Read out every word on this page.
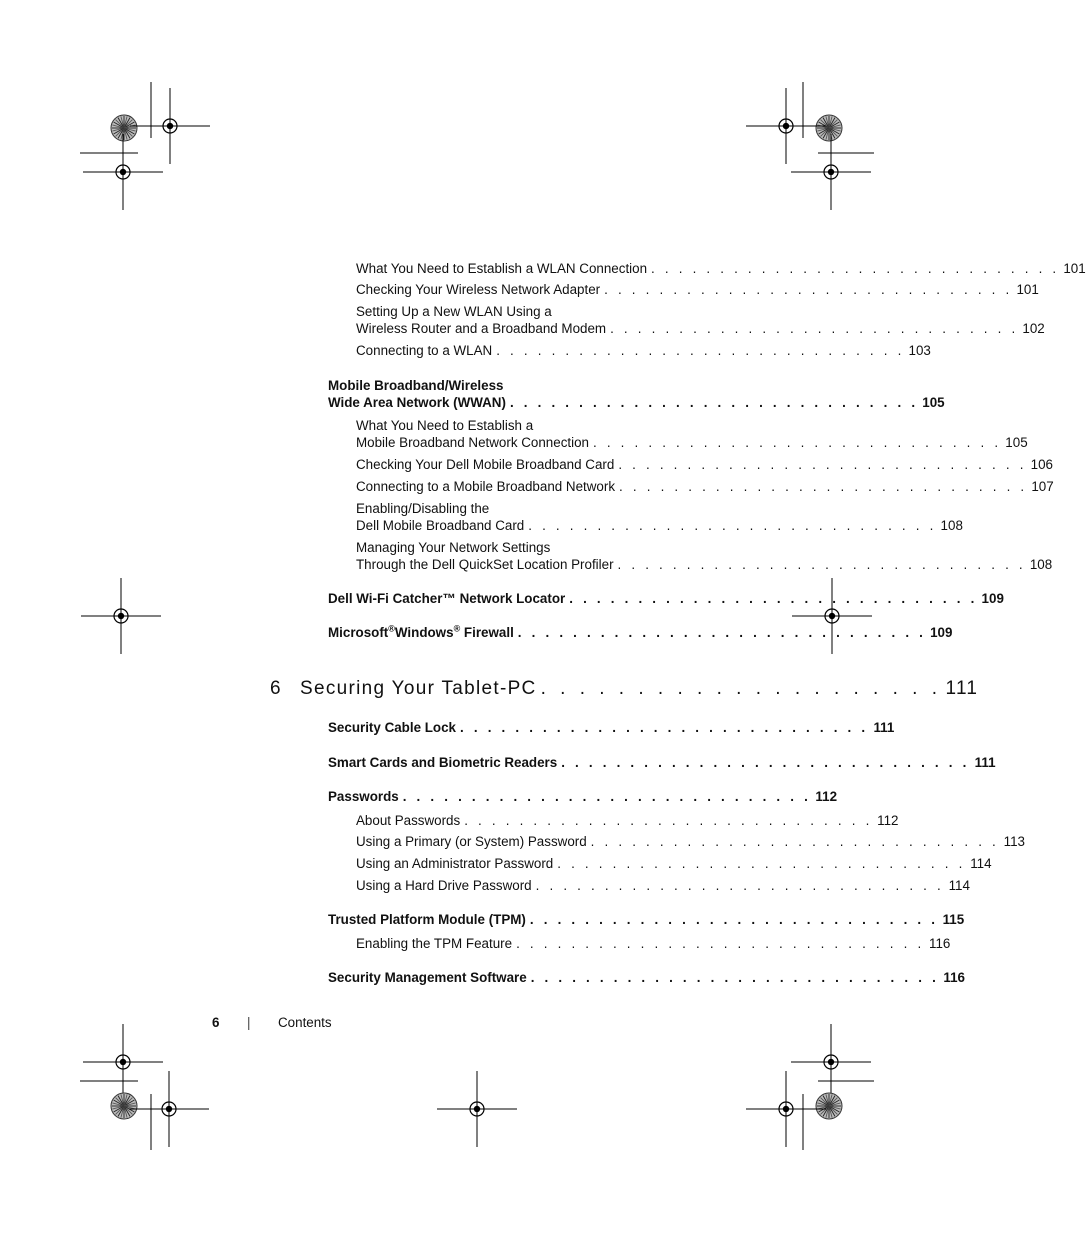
What You Need to Establish a WLAN Connection . . . . . . . . . . . . . . . . . . . . . . . . . . . . . . 101
Checking Your Wireless Network Adapter . . . . . . . . . . . . . . . . . . . . . . . . . . . . . . 101
Setting Up a New WLAN Using a
Wireless Router and a Broadband Modem . . . . . . . . . . . . . . . . . . . . . . . . . . . . . . 102
Connecting to a WLAN . . . . . . . . . . . . . . . . . . . . . . . . . . . . . . 103
Mobile Broadband/Wireless
Wide Area Network (WWAN) . . . . . . . . . . . . . . . . . . . . . . . . . . . . . . 105
What You Need to Establish a
Mobile Broadband Network Connection . . . . . . . . . . . . . . . . . . . . . . . . . . . . . . 105
Checking Your Dell Mobile Broadband Card . . . . . . . . . . . . . . . . . . . . . . . . . . . . . . 106
Connecting to a Mobile Broadband Network . . . . . . . . . . . . . . . . . . . . . . . . . . . . . . 107
Enabling/Disabling the
Dell Mobile Broadband Card . . . . . . . . . . . . . . . . . . . . . . . . . . . . . . 108
Managing Your Network Settings
Through the Dell QuickSet Location Profiler . . . . . . . . . . . . . . . . . . . . . . . . . . . . . . 108
Dell Wi-Fi Catcher™ Network Locator . . . . . . . . . . . . . . . . . . . . . . . . . . . . . . 109
Microsoft®Windows® Firewall . . . . . . . . . . . . . . . . . . . . . . . . . . . . . . 109
6 Securing Your Tablet-PC . . . . . . . . . . . . . . . . . . . . . 111
Security Cable Lock . . . . . . . . . . . . . . . . . . . . . . . . . . . . . . 111
Smart Cards and Biometric Readers . . . . . . . . . . . . . . . . . . . . . . . . . . . . . . 111
Passwords . . . . . . . . . . . . . . . . . . . . . . . . . . . . . . 112
About Passwords . . . . . . . . . . . . . . . . . . . . . . . . . . . . . . 112
Using a Primary (or System) Password . . . . . . . . . . . . . . . . . . . . . . . . . . . . . . 113
Using an Administrator Password . . . . . . . . . . . . . . . . . . . . . . . . . . . . . . 114
Using a Hard Drive Password . . . . . . . . . . . . . . . . . . . . . . . . . . . . . . 114
Trusted Platform Module (TPM) . . . . . . . . . . . . . . . . . . . . . . . . . . . . . . 115
Enabling the TPM Feature . . . . . . . . . . . . . . . . . . . . . . . . . . . . . . 116
Security Management Software . . . . . . . . . . . . . . . . . . . . . . . . . . . . . . 116
6 | Contents
